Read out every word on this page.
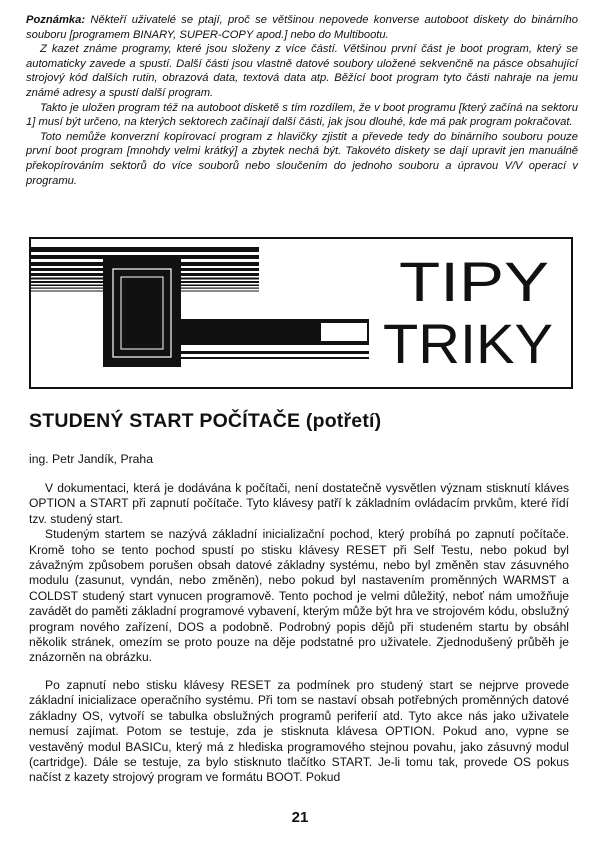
Poznámka: Někteří uživatelé se ptají, proč se většinou nepovede konverse autoboot diskety do binárního souboru [programem BINARY, SUPER-COPY apod.] nebo do Multibootu.

Z kazet známe programy, které jsou složeny z více částí. Většinou první část je boot program, který se automaticky zavede a spustí. Další části jsou vlastně datové soubory uložené sekvenčně na pásce obsahující strojový kód dalších rutin, obrazová data, textová data atp. Běžící boot program tyto části nahraje na jemu známé adresy a spustí další program.

Takto je uložen program též na autoboot disketě s tím rozdílem, že v boot programu [který začíná na sektoru 1] musí být určeno, na kterých sektorech začínají další části, jak jsou dlouhé, kde má pak program pokračovat.

Toto nemůže konverzní kopírovací program z hlavičky zjistit a převede tedy do binárního souboru pouze první boot program [mnohdy velmi krátký] a zbytek nechá být. Takovéto diskety se dají upravit jen manuálně překopírováním sektorů do více souborů nebo sloučením do jednoho souboru a úpravou V/V operací v programu.

TIPY
TRIKY
STUDENÝ START POČÍTAČE (potřetí)
ing. Petr Jandík, Praha

V dokumentaci, která je dodávána k počítači, není dostatečně vysvětlen význam stisknutí kláves OPTION a START při zapnutí počítače. Tyto klávesy patří k základním ovládacím prvkům, které řídí tzv. studený start.

Studeným startem se nazývá základní inicializační pochod, který probíhá po zapnutí počítače. Kromě toho se tento pochod spustí po stisku klávesy RESET při Self Testu, nebo pokud byl závažným způsobem porušen obsah datové základny systému, nebo byl změněn stav zásuvného modulu (zasunut, vyndán, nebo změněn), nebo pokud byl nastavením proměnných WARMST a COLDST studený start vynucen programově. Tento pochod je velmi důležitý, neboť nám umožňuje zavádět do paměti základní programové vybavení, kterým může být hra ve strojovém kódu, obslužný program nového zařízení, DOS a podobně. Podrobný popis dějů při studeném startu by obsáhl několik stránek, omezím se proto pouze na děje podstatné pro uživatele. Zjednodušený průběh je znázorněn na obrázku.

Po zapnutí nebo stisku klávesy RESET za podmínek pro studený start se nejprve provede základní inicializace operačního systému. Při tom se nastaví obsah potřebných proměnných datové základny OS, vytvoří se tabulka obslužných programů periferií atd. Tyto akce nás jako uživatele nemusí zajímat. Potom se testuje, zda je stisknuta klávesa OPTION. Pokud ano, vypne se vestavěný modul BASICu, který má z hlediska programového stejnou povahu, jako zásuvný modul (cartridge). Dále se testuje, za bylo stisknuto tlačítko START. Je-li tomu tak, provede OS pokus načíst z kazety strojový program ve formátu BOOT. Pokud

21
